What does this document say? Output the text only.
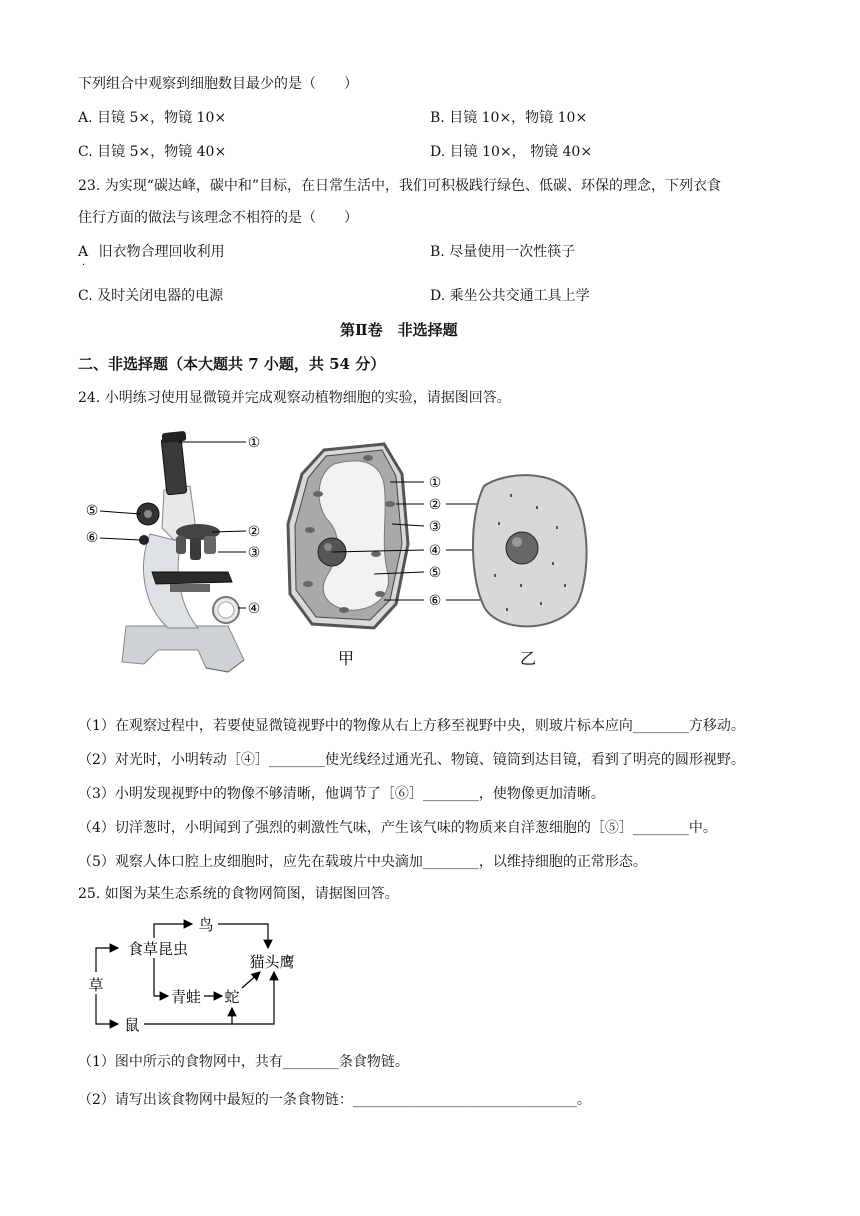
下列组合中观察到细胞数目最少的是（　　）
A. 目镜 5×，物镜 10×	B. 目镜 10×，物镜 10×
C. 目镜 5×，物镜 40×	D. 目镜 10×， 物镜 40×
23. 为实现“碳达峰，碳中和”目标，在日常生活中，我们可积极践行绿色、低碳、环保的理念，下列衣食
住行方面的做法与该理念不相符的是（　　）
A
·
旧衣物合理回收利用	B. 尽量使用一次性筷子
C. 及时关闭电器的电源	D. 乘坐公共交通工具上学
第Ⅱ卷　非选择题
二、非选择题（本大题共 7 小题，共 54 分）
24. 小明练习使用显微镜并完成观察动植物细胞的实验，请据图回答。
①
②
③
④
⑤
⑥
①
②
③
④
⑤
⑥
甲	乙
（1）在观察过程中，若要使显微镜视野中的物像从右上方移至视野中央，则玻片标本应向________方移动。
（2）对光时，小明转动［④］________使光线经过通光孔、物镜、镜筒到达目镜，看到了明亮的圆形视野。
（3）小明发现视野中的物像不够清晰，他调节了［⑥］________，使物像更加清晰。
（4）切洋葱时，小明闻到了强烈的刺激性气味，产生该气味的物质来自洋葱细胞的［⑤］________中。
（5）观察人体口腔上皮细胞时，应先在载玻片中央滴加________，以维持细胞的正常形态。
25. 如图为某生态系统的食物网简图，请据图回答。
草
食草昆虫
鸟
青蛙 蛇
鼠
猫头鹰
（1）图中所示的食物网中，共有________条食物链。
（2）请写出该食物网中最短的一条食物链：________________________________。
